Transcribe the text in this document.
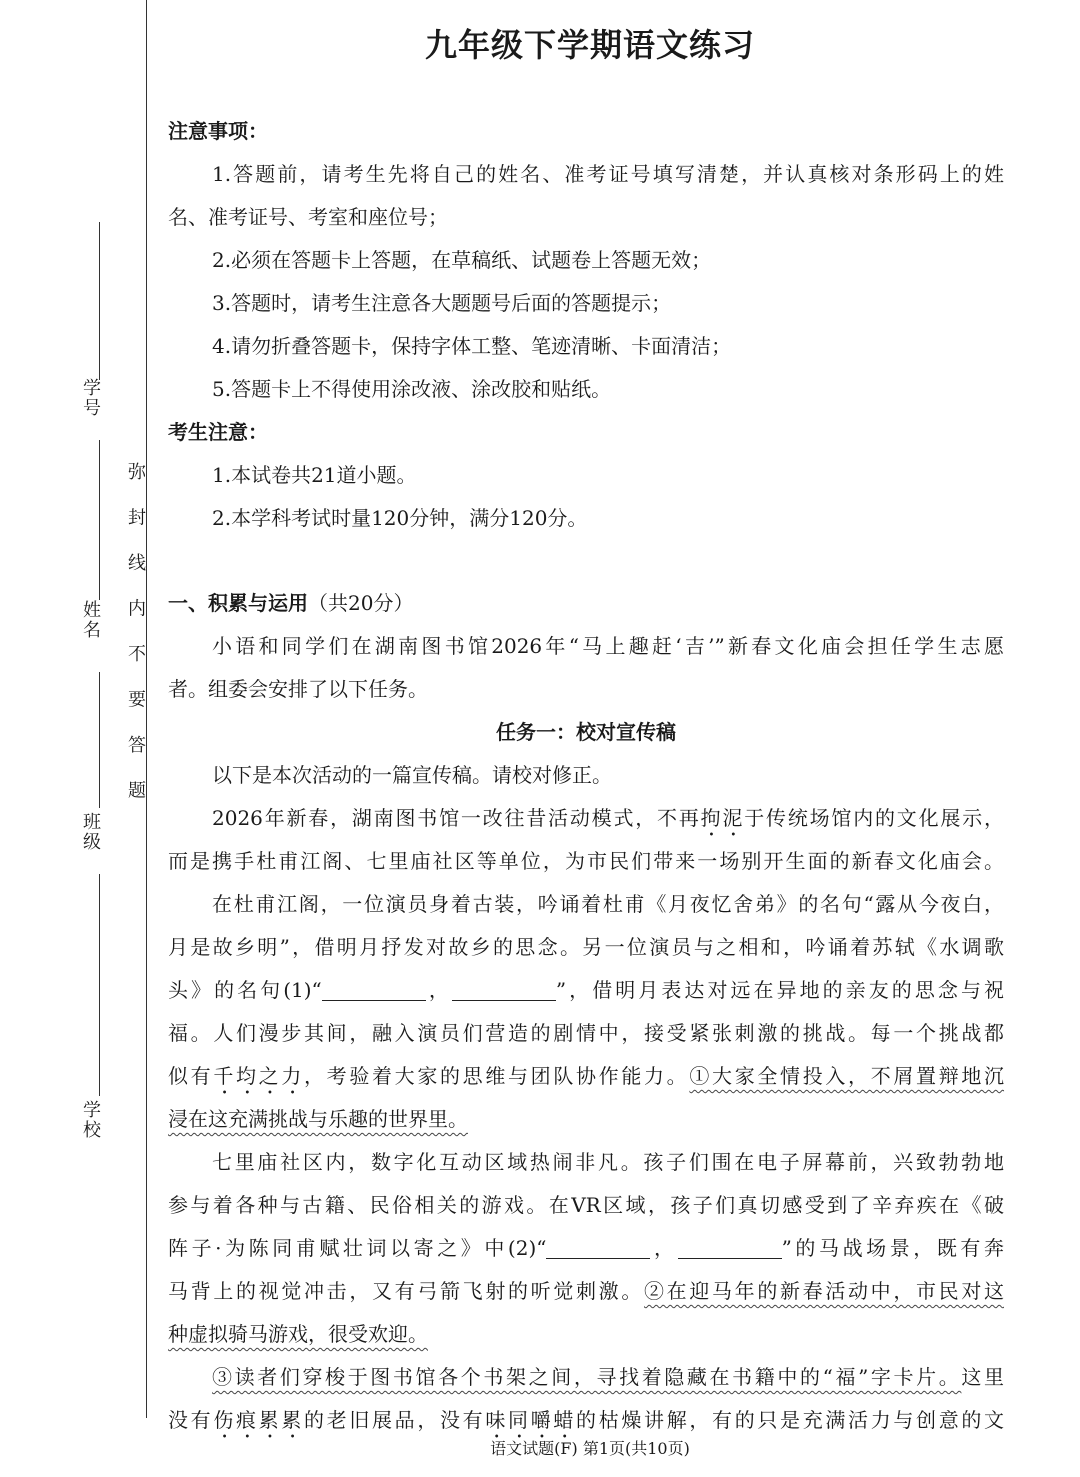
学号
姓名
班级
学校
弥封线内不要答题
九年级下学期语文练习
注意事项：
1.答题前，请考生先将自己的姓名、准考证号填写清楚，并认真核对条形码上的姓
名、准考证号、考室和座位号；
2.必须在答题卡上答题，在草稿纸、试题卷上答题无效；
3.答题时，请考生注意各大题题号后面的答题提示；
4.请勿折叠答题卡，保持字体工整、笔迹清晰、卡面清洁；
5.答题卡上不得使用涂改液、涂改胶和贴纸。
考生注意：
1.本试卷共21道小题。
2.本学科考试时量120分钟，满分120分。
一、积累与运用（共20分）
小语和同学们在湖南图书馆2026年“马上趣赶‘吉’”新春文化庙会担任学生志愿
者。组委会安排了以下任务。
任务一：校对宣传稿
以下是本次活动的一篇宣传稿。请校对修正。
2026年新春，湖南图书馆一改往昔活动模式，不再拘泥于传统场馆内的文化展示，
而是携手杜甫江阁、七里庙社区等单位，为市民们带来一场别开生面的新春文化庙会。
在杜甫江阁，一位演员身着古装，吟诵着杜甫《月夜忆舍弟》的名句“露从今夜白，
月是故乡明”，借明月抒发对故乡的思念。另一位演员与之相和，吟诵着苏轼《水调歌
头》的名句(1)“	，	”，借明月表达对远在异地的亲友的思念与祝
福。人们漫步其间，融入演员们营造的剧情中，接受紧张刺激的挑战。每一个挑战都
似有千均之力，考验着大家的思维与团队协作能力。①大家全情投入，不屑置辩地沉
浸在这充满挑战与乐趣的世界里。
七里庙社区内，数字化互动区域热闹非凡。孩子们围在电子屏幕前，兴致勃勃地
参与着各种与古籍、民俗相关的游戏。在VR区域，孩子们真切感受到了辛弃疾在《破
阵子·为陈同甫赋壮词以寄之》中(2)“	，	”的马战场景，既有奔
马背上的视觉冲击，又有弓箭飞射的听觉刺激。②在迎马年的新春活动中，市民对这
种虚拟骑马游戏，很受欢迎。
③读者们穿梭于图书馆各个书架之间，寻找着隐藏在书籍中的“福”字卡片。这里
没有伤痕累累的老旧展品，没有味同嚼蜡的枯燥讲解，有的只是充满活力与创意的文
语文试题(F) 第1页(共10页)
